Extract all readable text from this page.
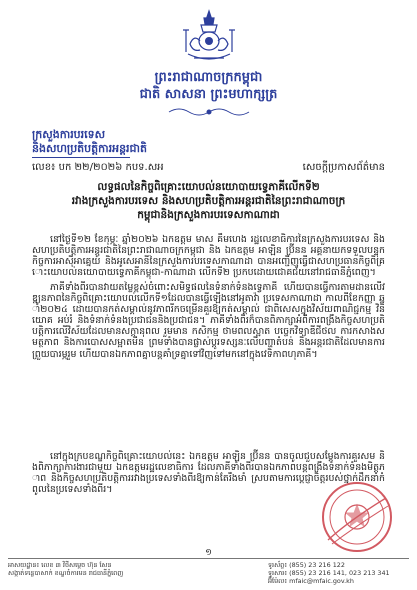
ព្រះរាជាណាចក្រកម្ពុជា
ជាតិ សាសនា ព្រះមហាក្សត្រ
ក្រសួងការបរទេស
និងសហប្រតិបត្តិការអន្តរជាតិ
លេខ៖ បក ២២/២០២៦ កបទ.សអ	សេចក្តីប្រកាសព័ត៌មាន
លទ្ធផលនៃកិច្ចពិគ្រោះយោបល់នយោបាយទ្វេភាគីលើកទី២
រវាងក្រសួងការបរទេស និងសហប្រតិបត្តិការអន្តរជាតិនៃព្រះរាជាណាចក្រ
កម្ពុជានិងក្រសួងការបរទេសកាណាដា
នៅថ្ងៃទី១២ ខែកុម្ភៈ ឆ្នាំ២០២៦ ឯកឧត្តម មាស គឹមហេង រដ្ឋលេខាធិការនៃក្រសួងការបរទេស និងសហប្រតិបត្តិការអន្តរជាតិនៃព្រះរាជាណាចក្រកម្ពុជា និង ឯកឧត្តម អាឡិន ប្រ៊ីនន អគ្គនាយកទទួលបន្ទុកកិច្ចការអាស៊ីអាគ្នេយ៍ និងអូសេអានីនៃក្រសួងការបរទេសកាណាដា បានអញ្ជើញធ្វើជាសហប្រធានកិច្ចពិគ្រោះយោបល់នយោបាយទ្វេភាគីកម្ពុជា-កាណាដា លើកទី២ ប្រកបដោយជោគជ័យនៅរាជធានីភ្នំពេញ។
ភាគីទាំងពីរបានវាយតម្លៃខ្ពស់ចំពោះសមិទ្ធផលនៃទំនាក់ទំនងទ្វេភាគី ហើយបានធ្វើការតាមដានលើវឌ្ឍនភាពនៃកិច្ចពិគ្រោះយោបល់លើកទី១ដែលបានធ្វើឡើងនៅអូតាវ៉ា ប្រទេសកាណាដា កាលពីខែកញ្ញា ឆ្នាំ២០២៤ ដោយបានកត់សម្គាល់នូវភាពរីកចម្រើនគួរឱ្យកត់សម្គាល់ ជាពិសេសក្នុងវិស័យពាណិជ្ជកម្ម វិនិយោគ អប់រំ និងទំនាក់ទំនងប្រជាជននិងប្រជាជន។ ភាគីទាំងពីរក៏បានពិភាក្សាអំពីការពង្រឹងកិច្ចសហប្រតិបត្តិការលើវិស័យដែលមានសក្តានុពល រួមមាន កសិកម្ម ថាមពលស្អាត បច្ចេកវិទ្យាឌីជីថល ការកសាងសមត្ថភាព និងការបោសសម្អាតមីន ព្រមទាំងបានផ្លាស់ប្តូរទស្សនៈលើបញ្ហាតំបន់ និងអន្តរជាតិដែលមានការព្រួយបារម្ភរួម ហើយបានឯកភាពគ្នាបន្តគាំទ្រគ្នាទៅវិញទៅមកនៅក្នុងវេទិកាពហុភាគី។
នៅក្នុងក្របខណ្ឌកិច្ចពិគ្រោះយោបល់នេះ ឯកឧត្តម អាឡិន ប្រ៊ីនន បានចូលជួបសម្តែងការគួរសម និងពិភាក្សាការងារជាមួយ ឯកឧត្តមរដ្ឋលេខាធិការ ដែលភាគីទាំងពីរបានឯកភាពបន្តពង្រឹងទំនាក់ទំនងមិត្តភាព និងកិច្ចសហប្រតិបត្តិការរវាងប្រទេសទាំងពីរឱ្យកាន់តែរឹងមាំ ស្របតាមការប្តេជ្ញាចិត្តរបស់ថ្នាក់ដឹកនាំកំពូលនៃប្រទេសទាំងពីរ។
១
អាសយដ្ឋាន៖ លេខ ៣ វិថីសម្តេច ហ៊ុន សែន
សង្កាត់ទន្លេបាសាក់ ខណ្ឌចំការមន រាជធានីភ្នំពេញ
ទូរស័ព្ទ៖ (855) 23 216 122
ទូរសារ៖ (855) 23 216 141, 023 213 341
អ៊ីម៉ែល៖ mfaic@mfaic.gov.kh
